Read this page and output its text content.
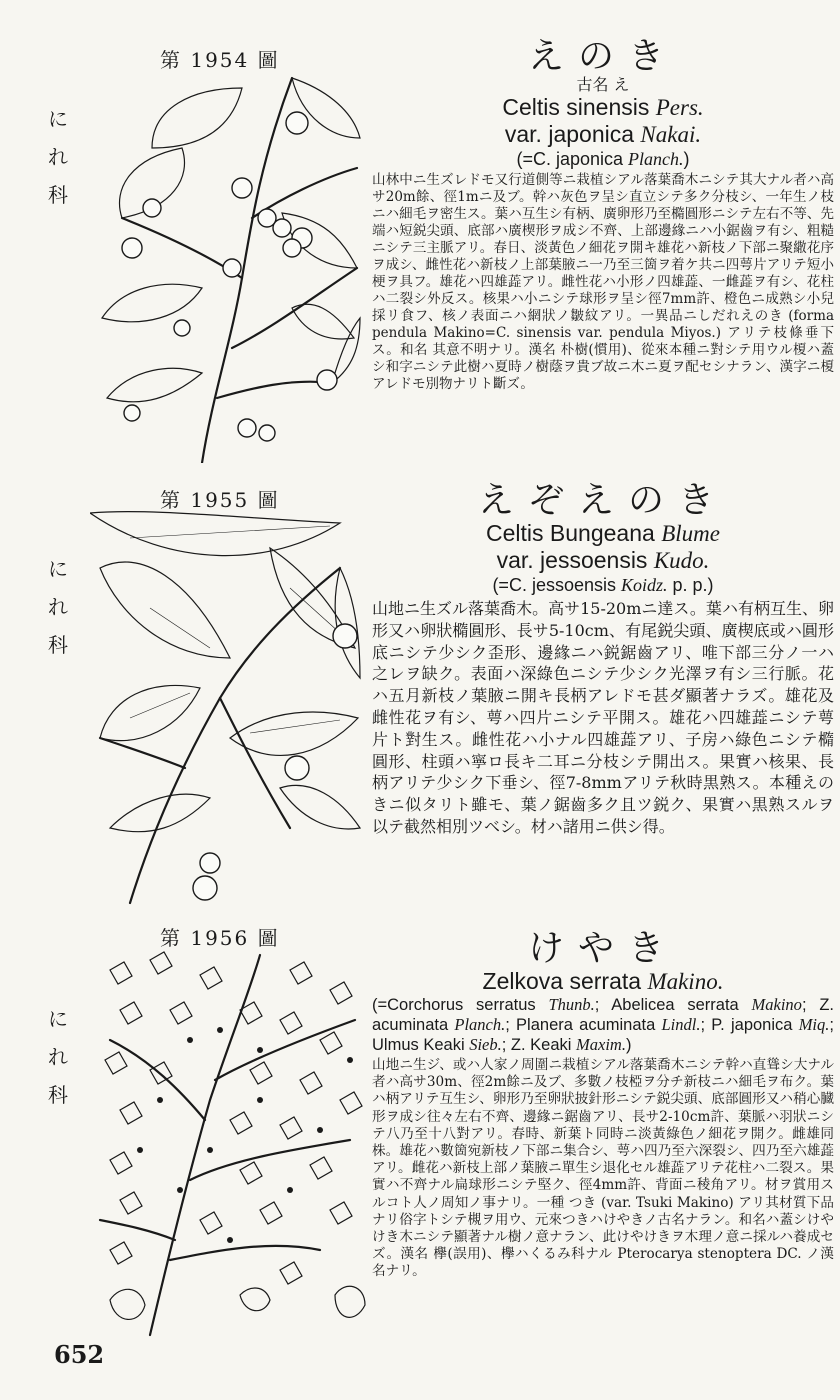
第 1954 圖
に
れ
科

えのき

古名 え

Celtis sinensis Pers.

var. japonica Nakai.

(=C. japonica Planch.)

山林中ニ生ズレドモ又行道側等ニ栽植シアル落葉喬木ニシテ其大ナル者ハ高サ20m餘、徑1mニ及ブ。幹ハ灰色ヲ呈シ直立シテ多ク分枝シ、一年生ノ枝ニハ細毛ヲ密生ス。葉ハ互生シ有柄、廣卵形乃至橢圓形ニシテ左右不等、先端ハ短鋭尖頭、底部ハ廣楔形ヲ成シ不齊、上部邊緣ニハ小鋸齒ヲ有シ、粗糙ニシテ三主脈アリ。春日、淡黃色ノ細花ヲ開キ雄花ハ新枝ノ下部ニ聚繖花序ヲ成シ、雌性花ハ新枝ノ上部葉腋ニ一乃至三箇ヲ着ケ共ニ四萼片アリテ短小梗ヲ具フ。雄花ハ四雄蕋アリ。雌性花ハ小形ノ四雄蕋、一雌蕋ヲ有シ、花柱ハ二裂シ外反ス。核果ハ小ニシテ球形ヲ呈シ徑7mm許、橙色ニ成熟シ小兒採リ食フ、核ノ表面ニハ網狀ノ皺紋アリ。一異品ニしだれえのき (forma pendula Makino=C. sinensis var. pendula Miyos.) アリテ枝條垂下ス。和名 其意不明ナリ。漢名 朴樹(慣用)、從來本種ニ對シテ用ウル榎ハ蓋シ和字ニシテ此樹ハ夏時ノ樹蔭ヲ貴ブ故ニ木ニ夏ヲ配セシナラン、漢字ニ榎アレドモ別物ナリト斷ズ。

第 1955 圖
に
れ
科

えぞえのき

Celtis Bungeana Blume

var. jessoensis Kudo.

(=C. jessoensis Koidz. p. p.)

山地ニ生ズル落葉喬木。高サ15-20mニ達ス。葉ハ有柄互生、卵形又ハ卵狀橢圓形、長サ5-10cm、有尾鋭尖頭、廣楔底或ハ圓形底ニシテ少シク歪形、邊緣ニハ鋭鋸齒アリ、唯下部三分ノ一ハ之レヲ缺ク。表面ハ深綠色ニシテ少シク光澤ヲ有シ三行脈。花ハ五月新枝ノ葉腋ニ開キ長柄アレドモ甚ダ顯著ナラズ。雄花及雌性花ヲ有シ、萼ハ四片ニシテ平開ス。雄花ハ四雄蕋ニシテ萼片ト對生ス。雌性花ハ小ナル四雄蕋アリ、子房ハ綠色ニシテ橢圓形、柱頭ハ寧ロ長キ二耳ニ分枝シテ開出ス。果實ハ核果、長柄アリテ少シク下垂シ、徑7-8mmアリテ秋時黒熟ス。本種えのきニ似タリト雖モ、葉ノ鋸齒多ク且ツ鋭ク、果實ハ黒熟スルヲ以テ截然相別ツベシ。材ハ諸用ニ供シ得。

第 1956 圖
に
れ
科

けやき

Zelkova serrata Makino.

(=Corchorus serratus Thunb.; Abelicea serrata Makino; Z. acuminata Planch.; Planera acuminata Lindl.; P. japonica Miq.; Ulmus Keaki Sieb.; Z. Keaki Maxim.)

山地ニ生ジ、或ハ人家ノ周圍ニ栽植シアル落葉喬木ニシテ幹ハ直聳シ大ナル者ハ高サ30m、徑2m餘ニ及ブ、多數ノ枝椏ヲ分チ新枝ニハ細毛ヲ布ク。葉ハ柄アリテ互生シ、卵形乃至卵狀披針形ニシテ鋭尖頭、底部圓形又ハ稍心臓形ヲ成シ往々左右不齊、邊緣ニ鋸齒アリ、長サ2-10cm許、葉脈ハ羽狀ニシテ八乃至十八對アリ。春時、新葉ト同時ニ淡黃綠色ノ細花ヲ開ク。雌雄同株。雄花ハ數箇宛新枝ノ下部ニ集合シ、萼ハ四乃至六深裂シ、四乃至六雄蕋アリ。雌花ハ新枝上部ノ葉腋ニ單生シ退化セル雄蕋アリテ花柱ハ二裂ス。果實ハ不齊ナル扁球形ニシテ堅ク、徑4mm許、背面ニ稜角アリ。材ヲ賞用スルコト人ノ周知ノ事ナリ。一種 つき (var. Tsuki Makino) アリ其材質下品ナリ俗字トシテ槻ヲ用ウ、元來つきハけやきノ古名ナラン。和名ハ蓋シけやけき木ニシテ顯著ナル樹ノ意ナラン、此けやけきヲ木理ノ意ニ採ルハ養成セズ。漢名 欅(誤用)、欅ハくるみ科ナル Pterocarya stenoptera DC. ノ漢名ナリ。

652
